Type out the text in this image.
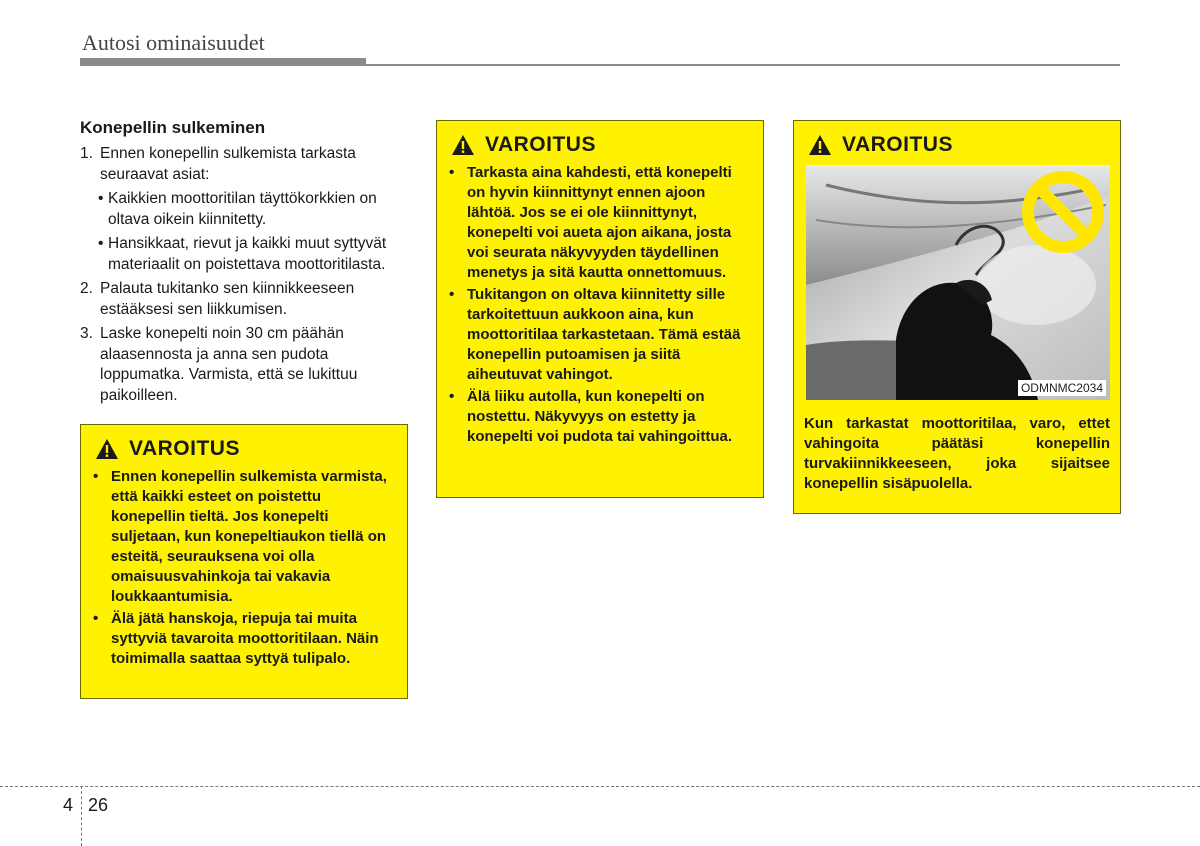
Autosi ominaisuudet
Konepellin sulkeminen
1. Ennen konepellin sulkemista tarkasta seuraavat asiat:
• Kaikkien moottoritilan täyttökorkkien on oltava oikein kiinnitetty.
• Hansikkaat, rievut ja kaikki muut syttyvät materiaalit on poistettava moottoritilasta.
2. Palauta tukitanko sen kiinnikkeeseen estääksesi sen liikkumisen.
3. Laske konepelti noin 30 cm päähän alaasennosta ja anna sen pudota loppumatka. Varmista, että se lukittuu paikoilleen.
VAROITUS
• Ennen konepellin sulkemista varmista, että kaikki esteet on poistettu konepellin tieltä. Jos konepelti suljetaan, kun konepeltiaukon tiellä on esteitä, seurauksena voi olla omaisuusvahinkoja tai vakavia loukkaantumisia.
• Älä jätä hanskoja, riepuja tai muita syttyviä tavaroita moottoritilaan. Näin toimimalla saattaa syttyä tulipalo.
VAROITUS
• Tarkasta aina kahdesti, että konepelti on hyvin kiinnittynyt ennen ajoon lähtöä. Jos se ei ole kiinnittynyt, konepelti voi aueta ajon aikana, josta voi seurata näkyvyyden täydellinen menetys ja sitä kautta onnettomuus.
• Tukitangon on oltava kiinnitetty sille tarkoitettuun aukkoon aina, kun moottoritilaa tarkastetaan. Tämä estää konepellin putoamisen ja siitä aiheutuvat vahingot.
• Älä liiku autolla, kun konepelti on nostettu. Näkyvyys on estetty ja konepelti voi pudota tai vahingoittua.
VAROITUS
ODMNMC2034
Kun tarkastat moottoritilaa, varo, ettet vahingoita päätäsi konepellin turvakiinnikkeeseen, joka sijaitsee konepellin sisäpuolella.
4 26
